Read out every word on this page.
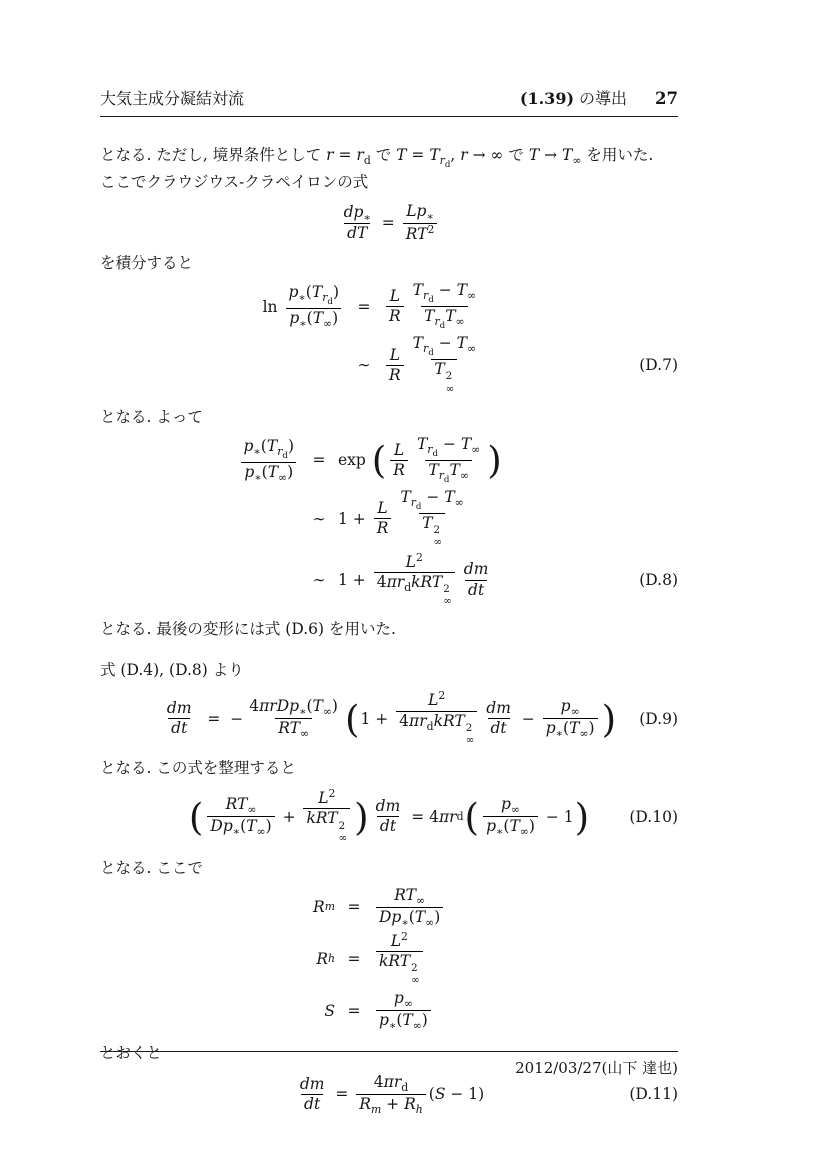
大気主成分凝結対流	(1.39) の導出 27

となる. ただし, 境界条件として $r = r_d$ で $T = T_{r_d}$, r → ∞ で $T \to T_\infty$ を用いた.
ここでクラウジウス-クラペイロンの式

$dp_∗$
dT
=
$Lp_∗$
$RT^2$

を積分すると

ln
$p_∗(T_{r_d})$
$p_∗(T_\infty)$
=
L
R
$T_{r_d} - T_\infty$
$T_{r_d}T_\infty$
∼
L
R
$T_{r_d} - T_\infty$
T 2
∞
(D.7)

となる. よって

$p_∗(T_{r_d})$
$p_∗(T_\infty)$
= exp ( L
R
$T_{r_d} - T_\infty$
$T_{r_d}T_\infty$ )
∼ 1 +
L
R
$T_{r_d} - T_\infty$
T 2
∞
∼ 1 +
$L^2$
$4\pi r_dkRT$ 2
∞
dm
dt
(D.8)

となる. 最後の変形には式 (D.6) を用いた.

式 (D.4), (D.8) より

dm
dt
=  −
$4\pi rDp_∗(T_\infty)$
$RT_\infty$ ( 1 +
$L^2$
$4\pi r_dkRT$ 2
∞
dm
dt
−
$p_\infty$
$p_∗(T_\infty)$ ) (D.9)

となる. この式を整理すると

( $RT_\infty$
$Dp_∗(T_\infty)$
+
$L^2$
kRT 2
∞ ) dm
dt
= 4 πr d ( $p_\infty$
$p_∗(T_\infty)$
− 1 )	(D.10)

となる. ここで

R m =
$RT_\infty$
$Dp_∗(T_\infty)$
R h =
$L^2$
kRT 2
∞
S =
$p_\infty$
$p_∗(T_\infty)$

とおくと

dm
dt
=
$4\pi r_d$
$R_m + R_h$
( S − 1)	(D.11)
2012/03/27(山下 達也)
